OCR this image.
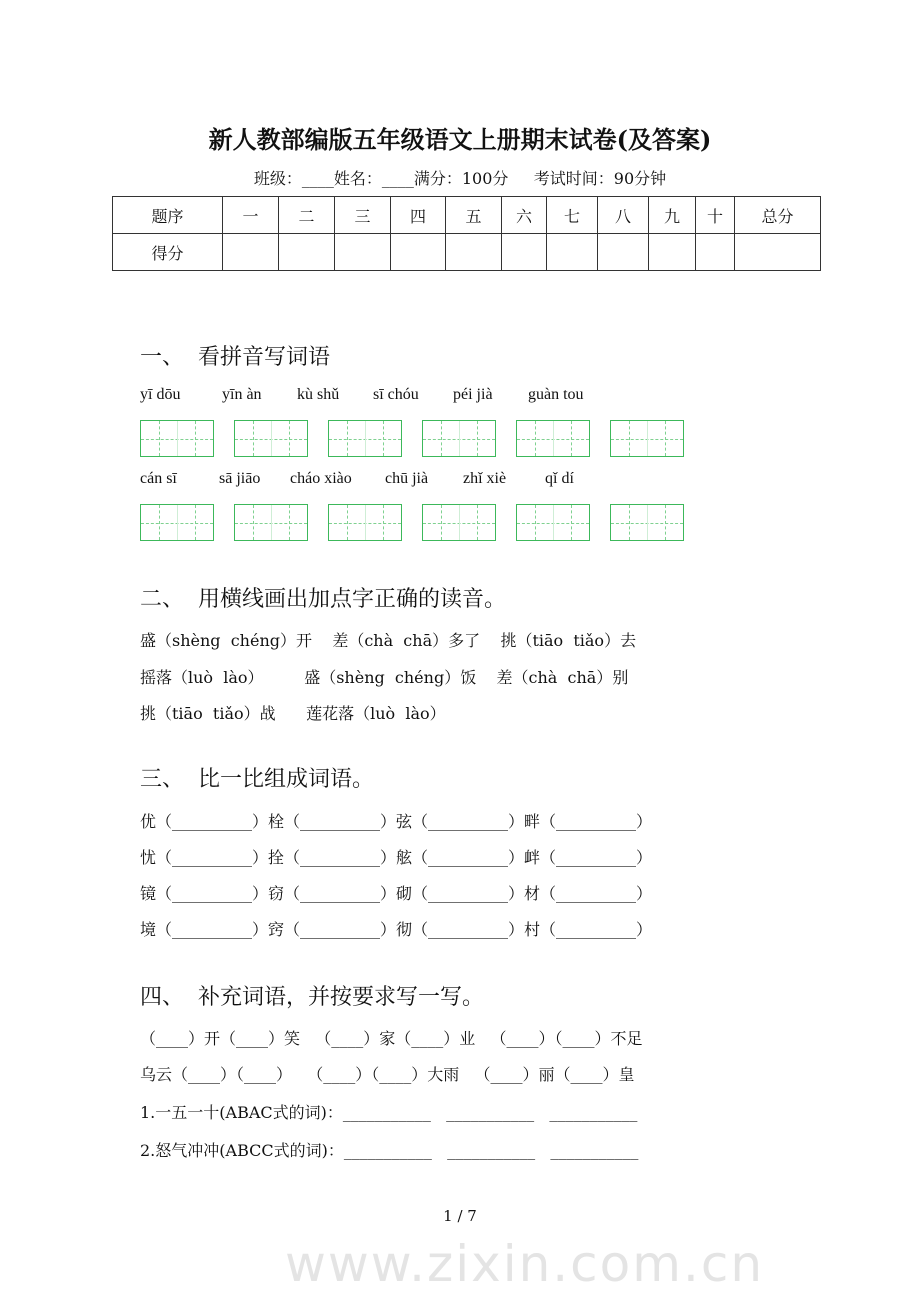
www.zixin.com.cn
新人教部编版五年级语文上册期末试卷(及答案)
班级：____姓名：____满分：100分     考试时间：90分钟
题序	一	二	三	四	五	六	七	八	九	十	总分
得分											
一、  看拼音写词语
yī dōu	yīn àn kù shǔ sī chóu péi jià guàn tou
cán sī	sā jiāo cháo xiào chū jià zhǐ xiè qǐ dí
二、  用横线画出加点字正确的读音。
盛（shèng  chéng）开    差（chà  chā）多了    挑（tiāo  tiǎo）去
摇落（luò  lào）        盛（shèng  chéng）饭    差（chà  chā）别
挑（tiāo  tiǎo）战      莲花落（luò  lào）
三、  比一比组成词语。
优（__________）栓（__________）弦（__________）畔（__________）
忧（__________）拴（__________）舷（__________）衅（__________）
镜（__________）窃（__________）砌（__________）材（__________）
境（__________）窍（__________）彻（__________）村（__________）
四、  补充词语，并按要求写一写。
（____）开（____）笑   （____）家（____）业   （____）（____）不足
乌云（____）（____）   （____）（____）大雨   （____）丽（____）皇
1.一五一十(ABAC式的词)：___________   ___________   ___________
2.怒气冲冲(ABCC式的词)：___________   ___________   ___________
1 / 7
